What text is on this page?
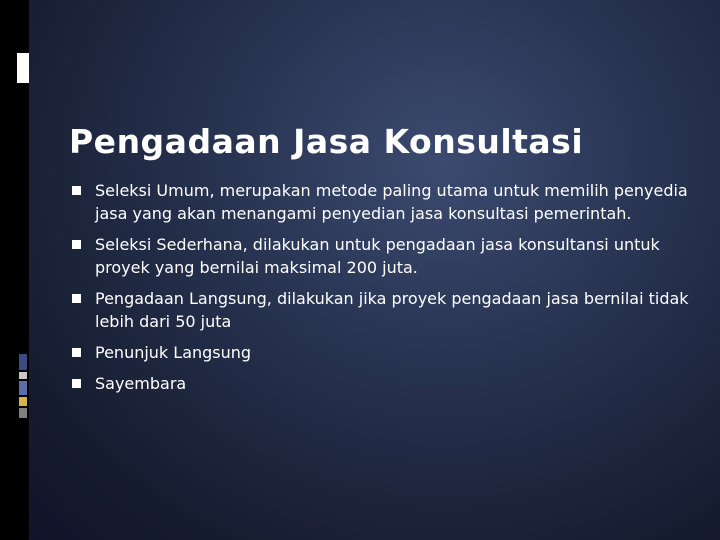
Pengadaan Jasa Konsultasi
Seleksi Umum, merupakan metode paling utama untuk memilih penyedia jasa yang akan menangami penyedian jasa konsultasi pemerintah.
Seleksi Sederhana, dilakukan untuk pengadaan jasa konsultansi untuk proyek yang bernilai maksimal 200 juta.
Pengadaan Langsung, dilakukan jika proyek pengadaan jasa bernilai tidak lebih dari 50 juta
Penunjuk Langsung
Sayembara
